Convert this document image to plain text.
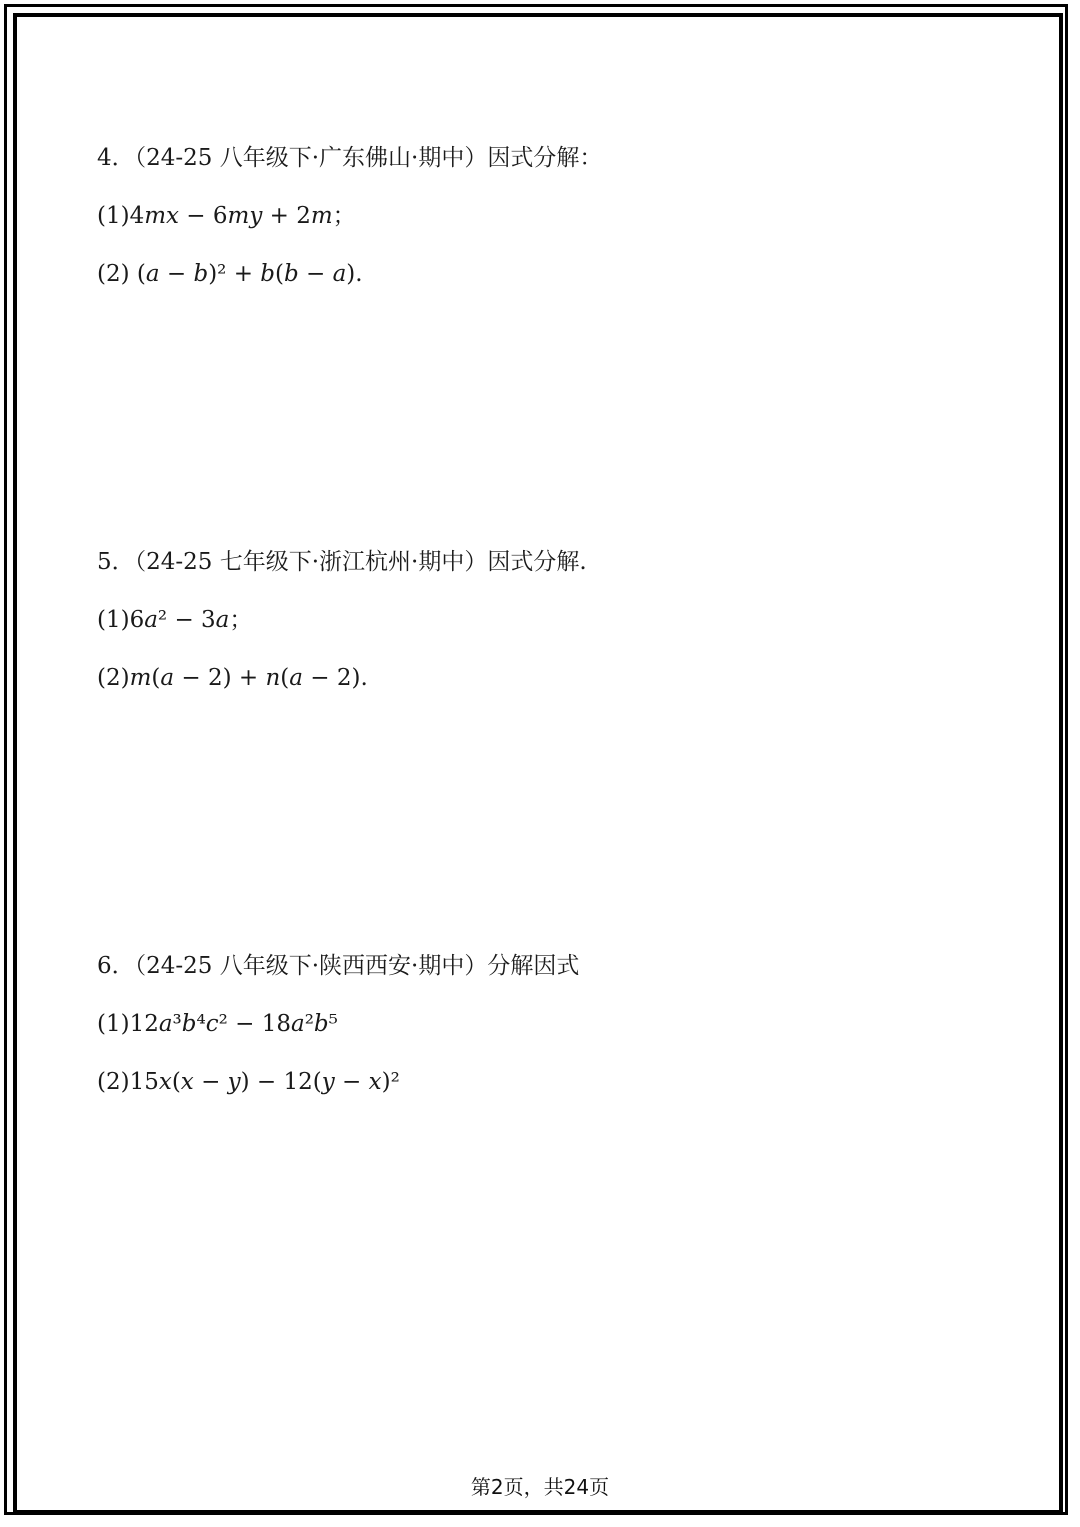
4．（24-25 八年级下·广东佛山·期中）因式分解：
(1)4𝑚𝑥 − 6𝑚𝑦 + 2𝑚；
(2) (𝑎 − 𝑏)² + 𝑏(𝑏 − 𝑎).
5．（24-25 七年级下·浙江杭州·期中）因式分解.
(1)6𝑎² − 3𝑎；
(2)𝑚(𝑎 − 2) + 𝑛(𝑎 − 2).
6．（24-25 八年级下·陕西西安·期中）分解因式
(1)12𝑎³𝑏⁴𝑐² − 18𝑎²𝑏⁵
(2)15𝑥(𝑥 − 𝑦) − 12(𝑦 − 𝑥)²
第2页，共24页
